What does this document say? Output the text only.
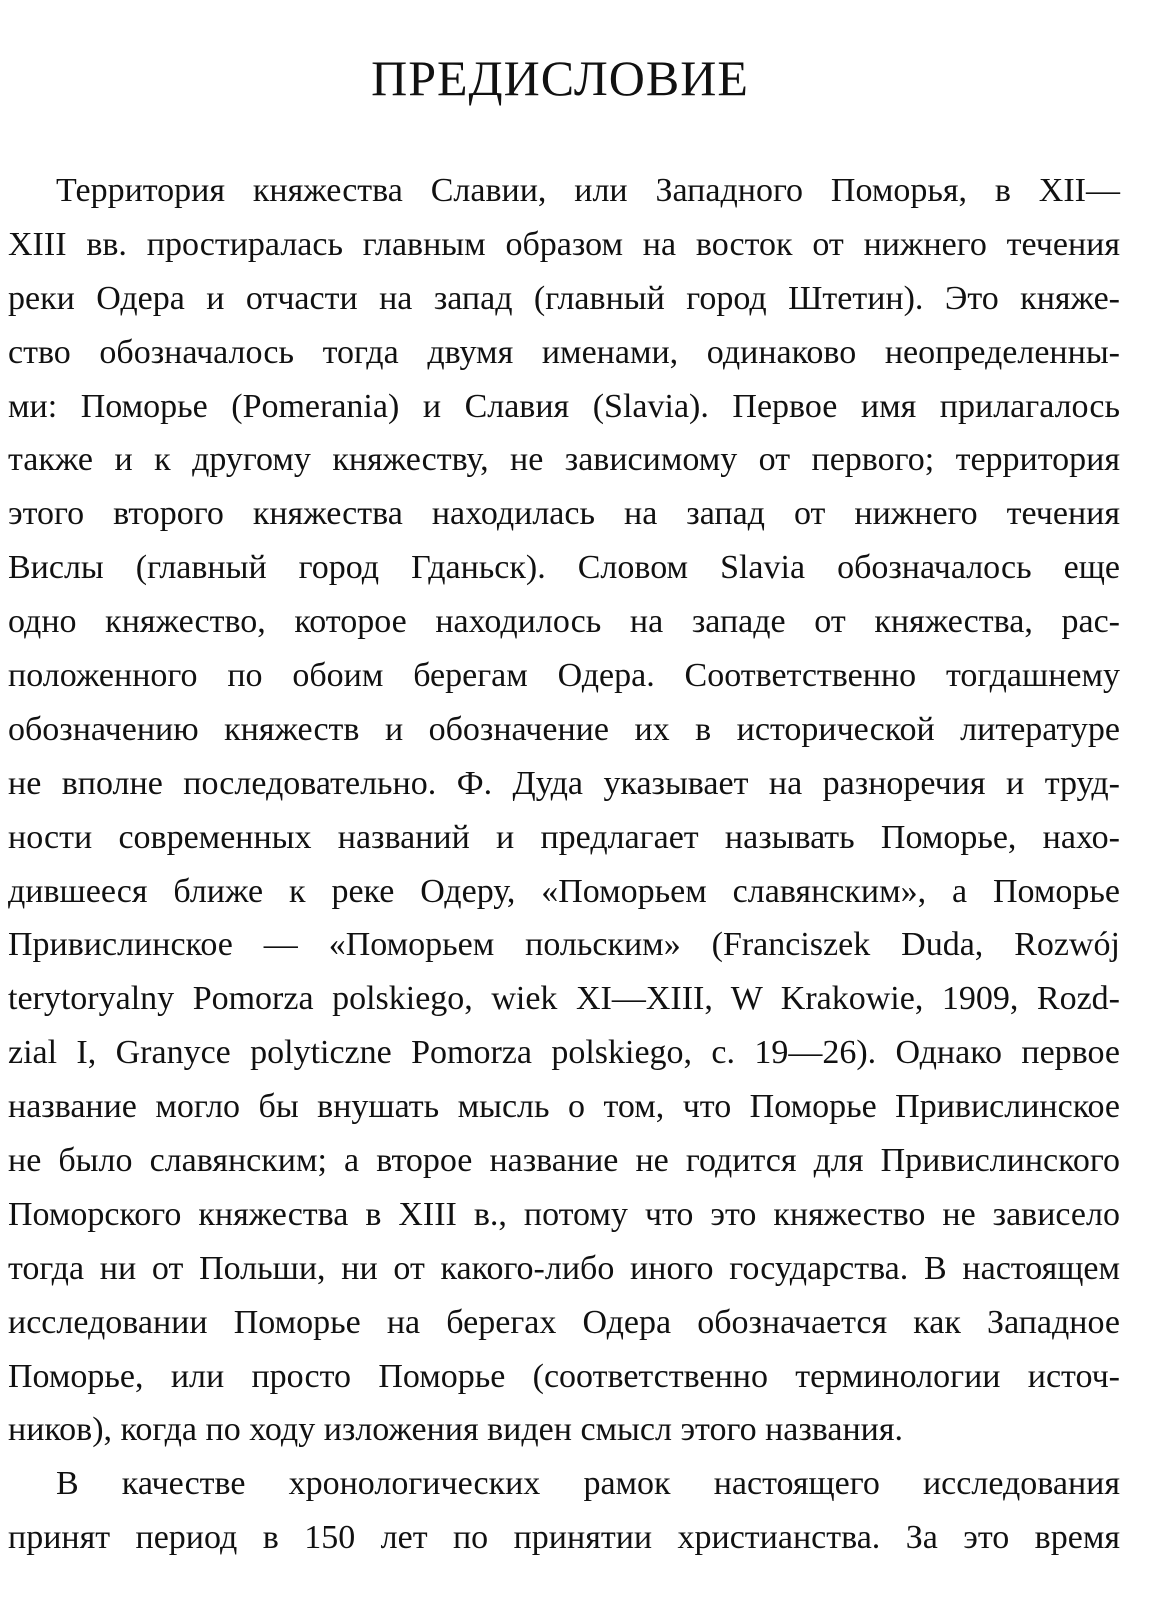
ПРЕДИСЛОВИЕ
Территория княжества Славии, или Западного Поморья, в XII—
XIII вв. простиралась главным образом на восток от нижнего течения
реки Одера и отчасти на запад (главный город Штетин). Это княже-
ство обозначалось тогда двумя именами, одинаково неопределенны-
ми: Поморье (Pomerania) и Славия (Slavia). Первое имя прилагалось
также и к другому княжеству, не зависимому от первого; территория
этого второго княжества находилась на запад от нижнего течения
Вислы (главный город Гданьск). Словом Slavia обозначалось еще
одно княжество, которое находилось на западе от княжества, рас-
положенного по обоим берегам Одера. Соответственно тогдашнему
обозначению княжеств и обозначение их в исторической литературе
не вполне последовательно. Ф. Дуда указывает на разноречия и труд-
ности современных названий и предлагает называть Поморье, нахо-
дившееся ближе к реке Одеру, «Поморьем славянским», а Поморье
Привислинское — «Поморьем польским» (Franciszek Duda, Rozwój
terytoryalny Pomorza polskiego, wiek XI—XIII, W Krakowie, 1909, Rozd-
zial I, Granyce polyticzne Pomorza polskiego, с. 19—26). Однако первое
название могло бы внушать мысль о том, что Поморье Привислинское
не было славянским; а второе название не годится для Привислинского
Поморского княжества в XIII в., потому что это княжество не зависело
тогда ни от Польши, ни от какого-либо иного государства. В настоящем
исследовании Поморье на берегах Одера обозначается как Западное
Поморье, или просто Поморье (соответственно терминологии источ-
ников), когда по ходу изложения виден смысл этого названия.
В качестве хронологических рамок настоящего исследования
принят период в 150 лет по принятии христианства. За это время
